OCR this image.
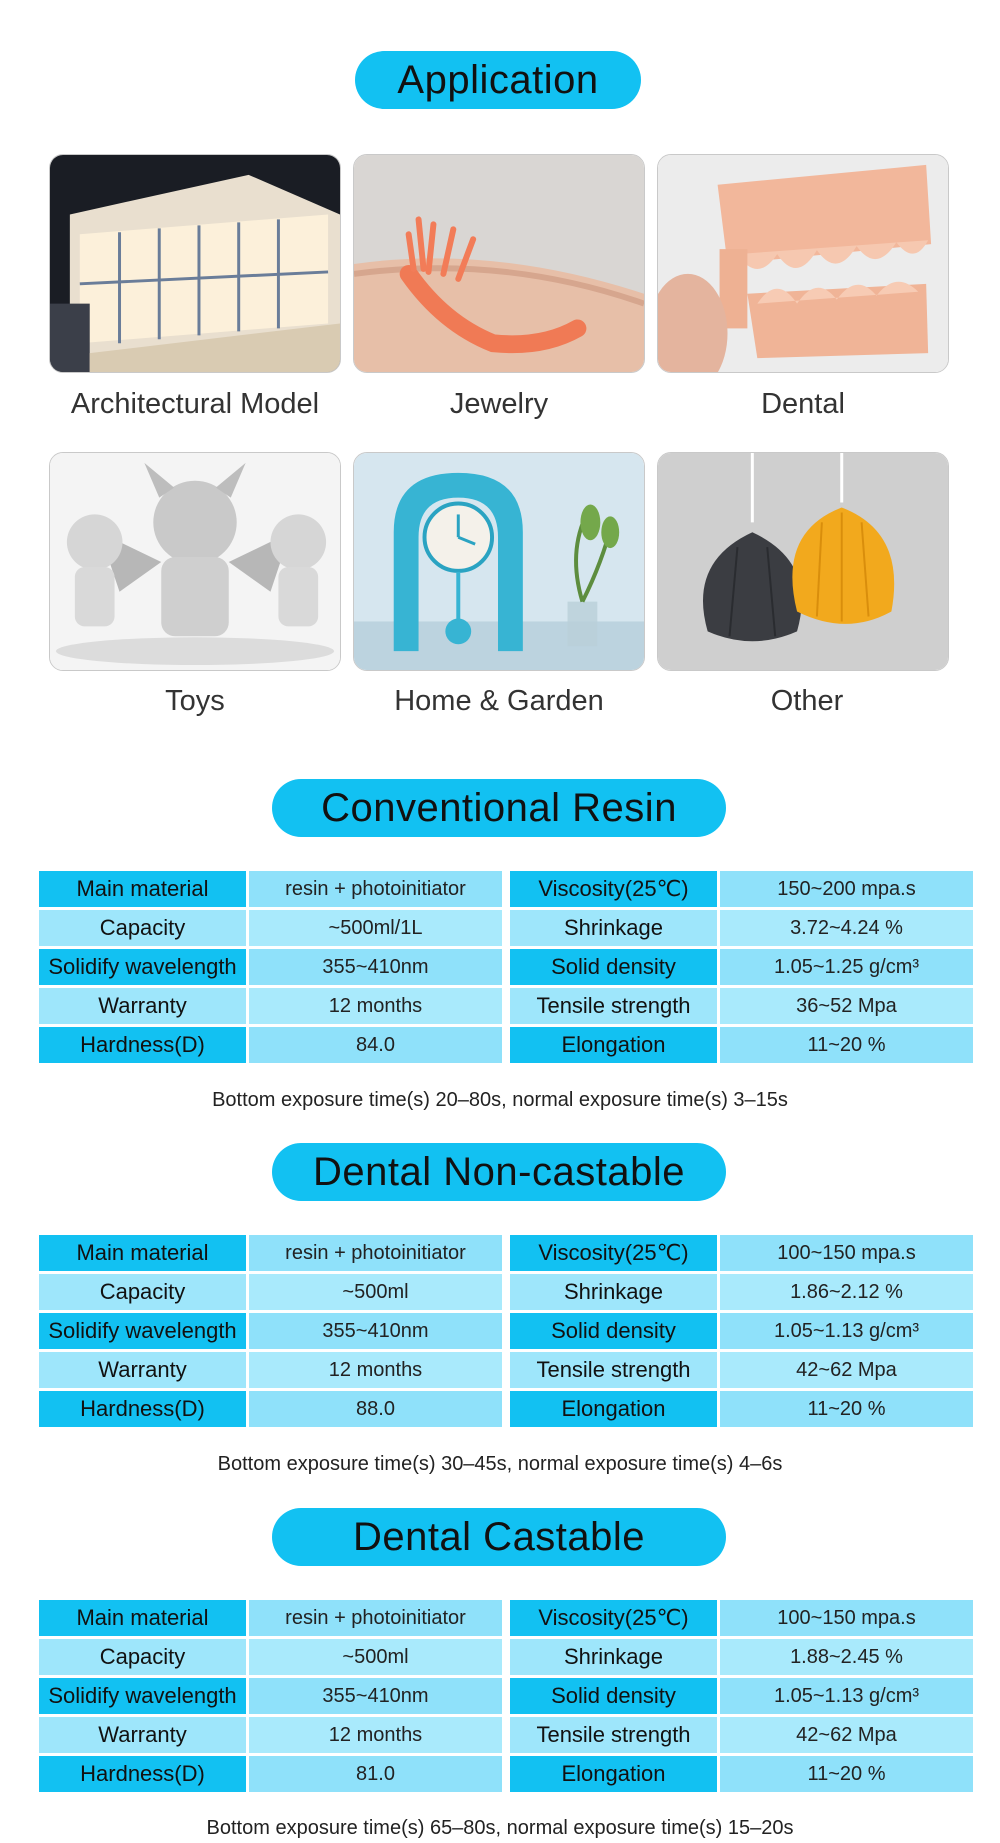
Application
Architectural Model	Jewelry	Dental
Toys	Home & Garden	Other
Conventional Resin
Main material	resin + photoinitiator		Viscosity(25℃)	150~200 mpa.s
Capacity	~500ml/1L		Shrinkage	3.72~4.24 %
Solidify wavelength	355~410nm		Solid density	1.05~1.25 g/cm³
Warranty	12 months		Tensile strength	36~52 Mpa
Hardness(D)	84.0		Elongation	11~20 %
Bottom exposure time(s) 20–80s, normal exposure time(s) 3–15s
Dental Non-castable
Main material	resin + photoinitiator		Viscosity(25℃)	100~150 mpa.s
Capacity	~500ml		Shrinkage	1.86~2.12 %
Solidify wavelength	355~410nm		Solid density	1.05~1.13 g/cm³
Warranty	12 months		Tensile strength	42~62 Mpa
Hardness(D)	88.0		Elongation	11~20 %
Bottom exposure time(s) 30–45s, normal exposure time(s) 4–6s
Dental Castable
Main material	resin + photoinitiator		Viscosity(25℃)	100~150 mpa.s
Capacity	~500ml		Shrinkage	1.88~2.45 %
Solidify wavelength	355~410nm		Solid density	1.05~1.13 g/cm³
Warranty	12 months		Tensile strength	42~62 Mpa
Hardness(D)	81.0		Elongation	11~20 %
Bottom exposure time(s) 65–80s, normal exposure time(s) 15–20s
